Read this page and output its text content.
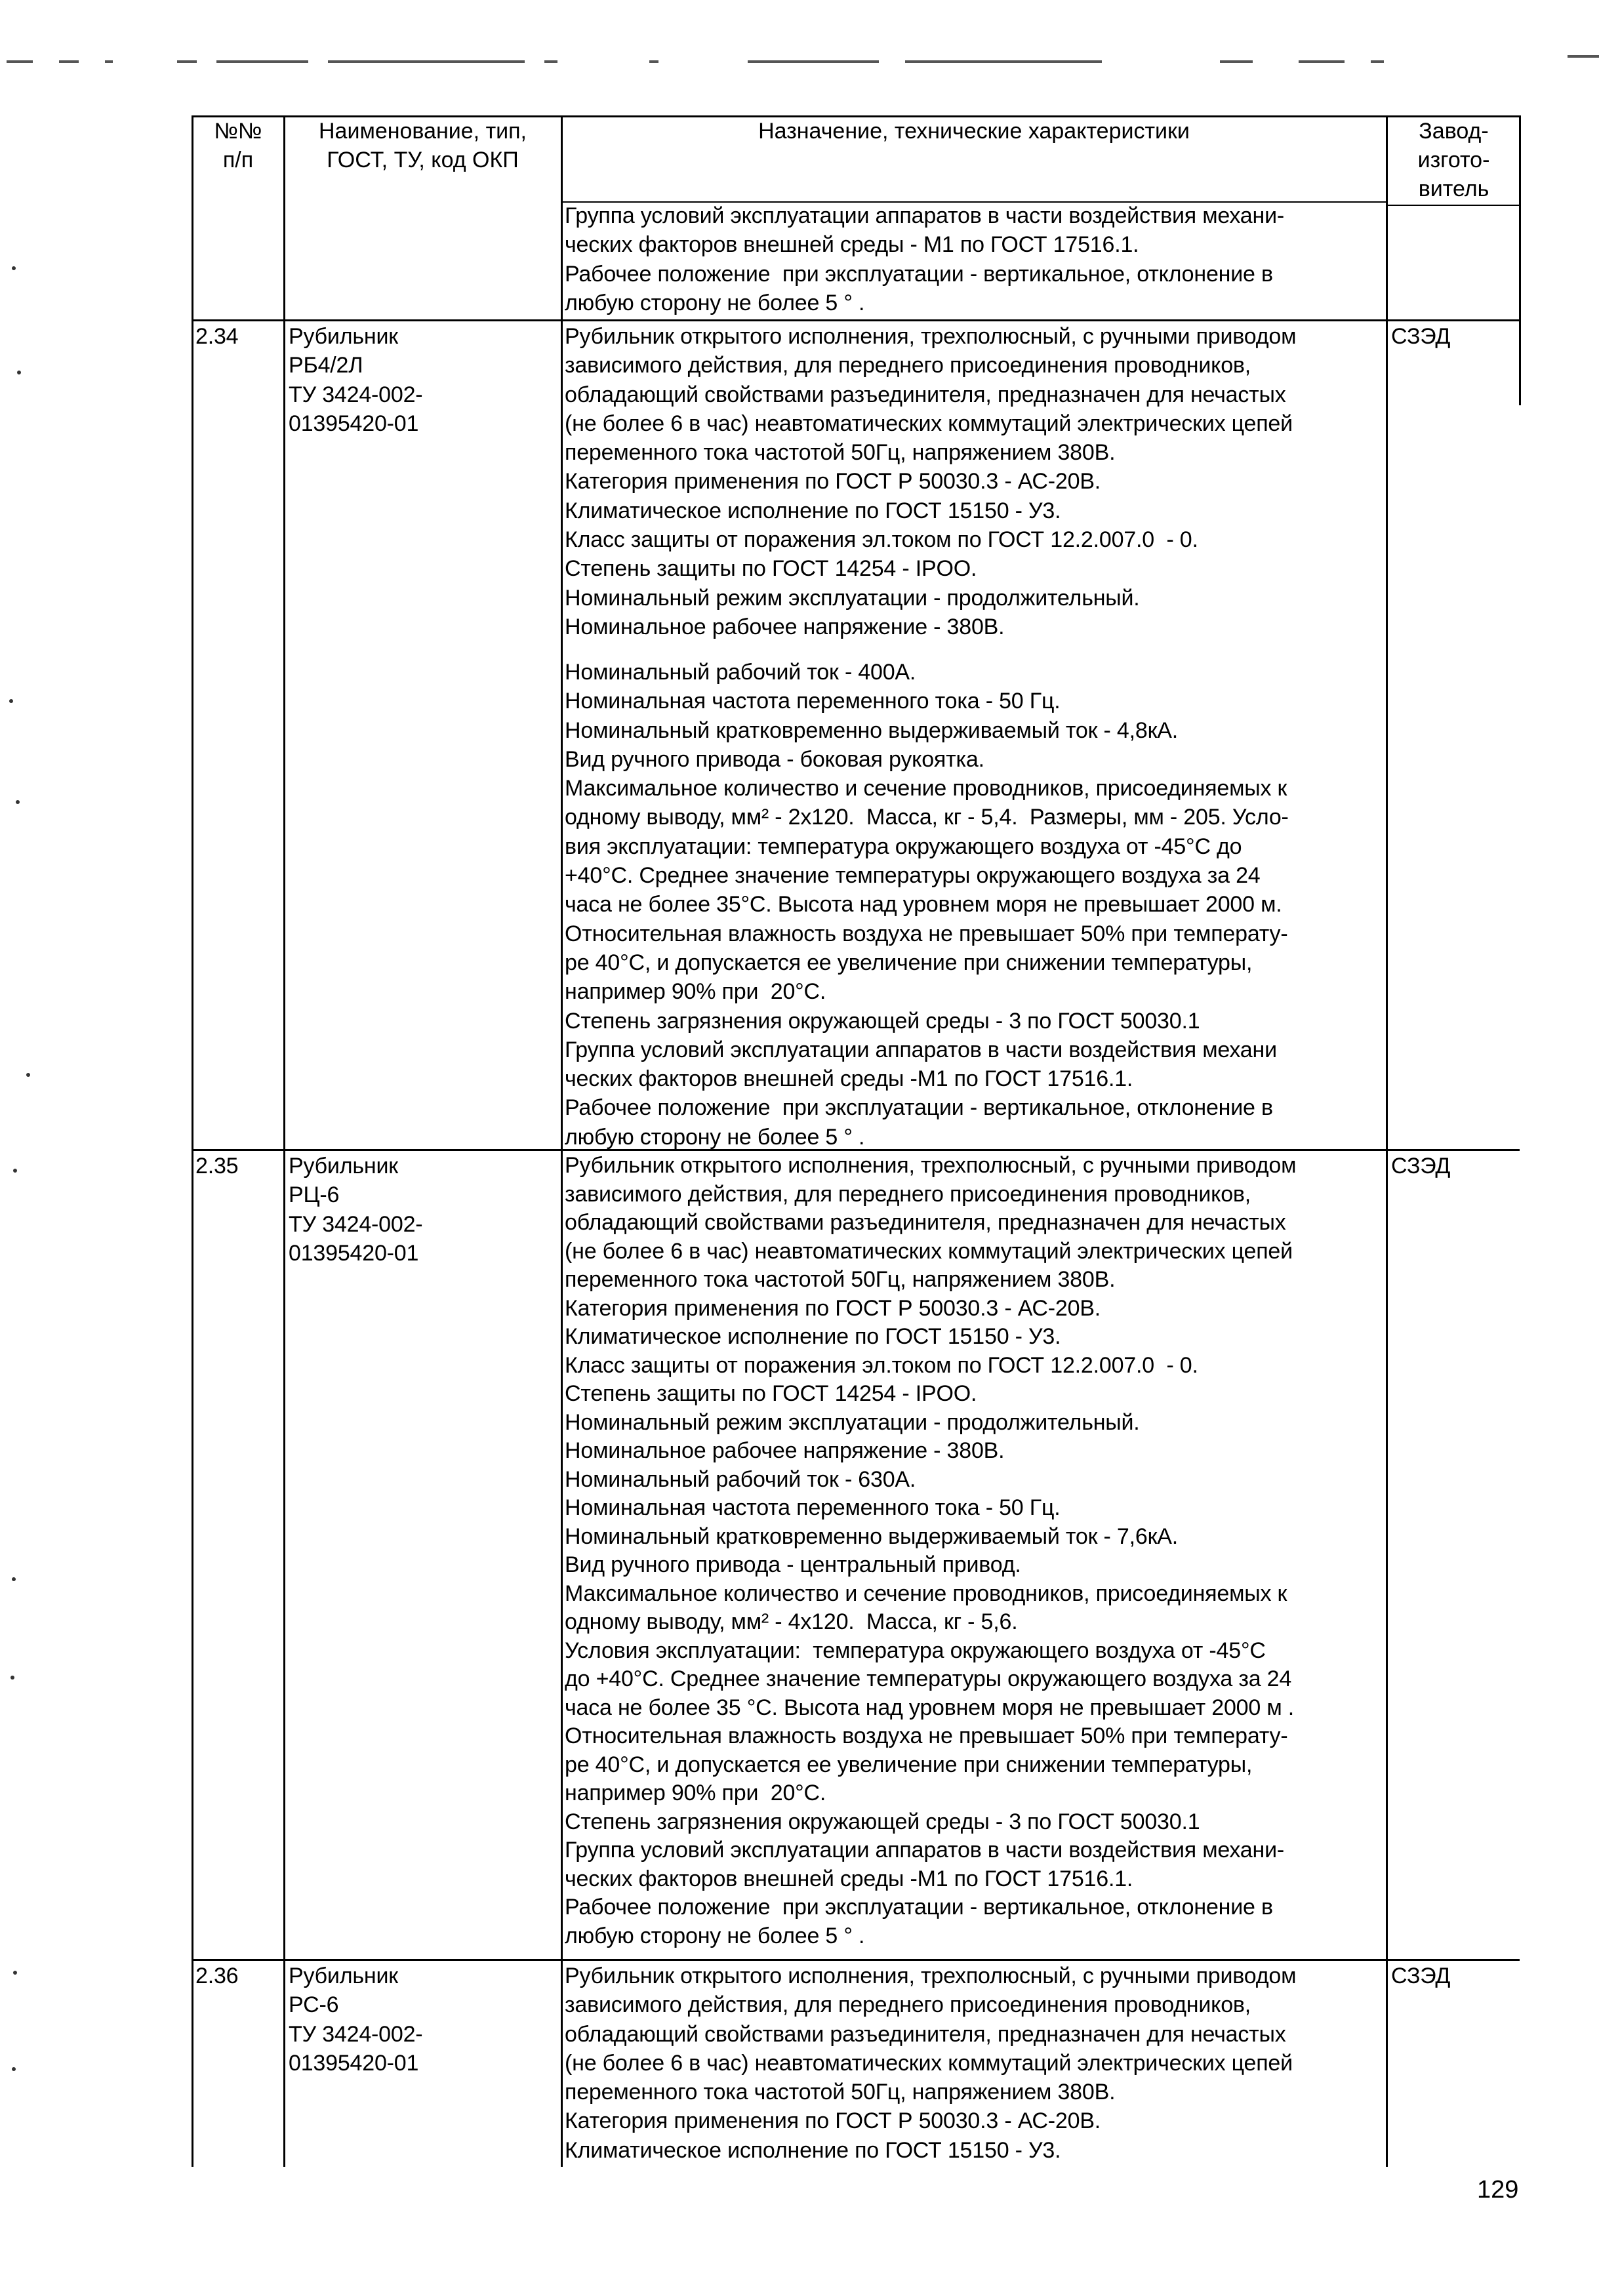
№№
п/п
Наименование, тип,
ГОСТ, ТУ, код ОКП
Назначение, технические характеристики	Завод-
изгото-
витель
Группа условий эксплуатации аппаратов в части воздействия механи-
ческих факторов внешней среды - М1 по ГОСТ 17516.1.
Рабочее положение  при эксплуатации - вертикальное, отклонение в
любую сторону не более 5 ° .
2.34 Рубильник
РБ4/2Л
ТУ 3424-002-
01395420-01
Рубильник открытого исполнения, трехполюсный, с ручными приводом
зависимого действия, для переднего присоединения проводников,
обладающий свойствами разъединителя, предназначен для нечастых
(не более 6 в час) неавтоматических коммутаций электрических цепей
переменного тока частотой 50Гц, напряжением 380В.
Категория применения по ГОСТ Р 50030.3 - АС-20В.
Климатическое исполнение по ГОСТ 15150 - У3.
Класс защиты от поражения эл.током по ГОСТ 12.2.007.0  - 0.
Степень защиты по ГОСТ 14254 - IPOO.
Номинальный режим эксплуатации - продолжительный.
Номинальное рабочее напряжение - 380В.
Номинальный рабочий ток - 400А.
Номинальная частота переменного тока - 50 Гц.
Номинальный кратковременно выдерживаемый ток - 4,8кА.
Вид ручного привода - боковая рукоятка.
Максимальное количество и сечение проводников, присоединяемых к
одному выводу, мм² - 2х120.  Масса, кг - 5,4.  Размеры, мм - 205. Усло-
вия эксплуатации: температура окружающего воздуха от -45°С до
+40°С. Среднее значение температуры окружающего воздуха за 24
часа не более 35°С. Высота над уровнем моря не превышает 2000 м.
Относительная влажность воздуха не превышает 50% при температу-
ре 40°С, и допускается ее увеличение при снижении температуры,
например 90% при  20°С.
Степень загрязнения окружающей среды - 3 по ГОСТ 50030.1
Группа условий эксплуатации аппаратов в части воздействия механи
ческих факторов внешней среды -М1 по ГОСТ 17516.1.
Рабочее положение  при эксплуатации - вертикальное, отклонение в
любую сторону не более 5 ° .
СЗЭД
2.35 Рубильник
РЦ-6
ТУ 3424-002-
01395420-01
Рубильник открытого исполнения, трехполюсный, с ручными приводом
зависимого действия, для переднего присоединения проводников,
обладающий свойствами разъединителя, предназначен для нечастых
(не более 6 в час) неавтоматических коммутаций электрических цепей
переменного тока частотой 50Гц, напряжением 380В.
Категория применения по ГОСТ Р 50030.3 - АС-20В.
Климатическое исполнение по ГОСТ 15150 - У3.
Класс защиты от поражения эл.током по ГОСТ 12.2.007.0  - 0.
Степень защиты по ГОСТ 14254 - IPOO.
Номинальный режим эксплуатации - продолжительный.
Номинальное рабочее напряжение - 380В.
Номинальный рабочий ток - 630А.
Номинальная частота переменного тока - 50 Гц.
Номинальный кратковременно выдерживаемый ток - 7,6кА.
Вид ручного привода - центральный привод.
Максимальное количество и сечение проводников, присоединяемых к
одному выводу, мм² - 4х120.  Масса, кг - 5,6.
Условия эксплуатации:  температура окружающего воздуха от -45°С
до +40°С. Среднее значение температуры окружающего воздуха за 24
часа не более 35 °С. Высота над уровнем моря не превышает 2000 м .
Относительная влажность воздуха не превышает 50% при температу-
ре 40°С, и допускается ее увеличение при снижении температуры,
например 90% при  20°С.
Степень загрязнения окружающей среды - 3 по ГОСТ 50030.1
Группа условий эксплуатации аппаратов в части воздействия механи-
ческих факторов внешней среды -М1 по ГОСТ 17516.1.
Рабочее положение  при эксплуатации - вертикальное, отклонение в
любую сторону не более 5 ° .
СЗЭД
2.36 Рубильник
РС-6
ТУ 3424-002-
01395420-01
Рубильник открытого исполнения, трехполюсный, с ручными приводом
зависимого действия, для переднего присоединения проводников,
обладающий свойствами разъединителя, предназначен для нечастых
(не более 6 в час) неавтоматических коммутаций электрических цепей
переменного тока частотой 50Гц, напряжением 380В.
Категория применения по ГОСТ Р 50030.3 - АС-20В.
Климатическое исполнение по ГОСТ 15150 - У3.
СЗЭД
129
